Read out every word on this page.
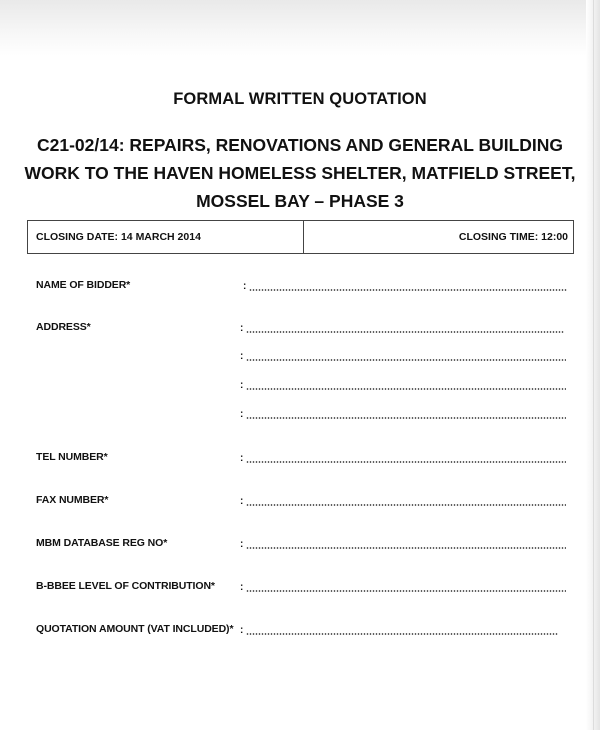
FORMAL WRITTEN QUOTATION
C21-02/14: REPAIRS, RENOVATIONS AND GENERAL BUILDING
WORK TO THE HAVEN HOMELESS SHELTER, MATFIELD STREET,
MOSSEL BAY – PHASE 3
CLOSING DATE: 14 MARCH 2014	CLOSING TIME: 12:00
NAME OF BIDDER*	:
ADDRESS*	:
:
:
:
TEL NUMBER*	:
FAX NUMBER*	:
MBM DATABASE REG NO*	:
B-BBEE LEVEL OF CONTRIBUTION*	:
QUOTATION AMOUNT (VAT INCLUDED)* :
